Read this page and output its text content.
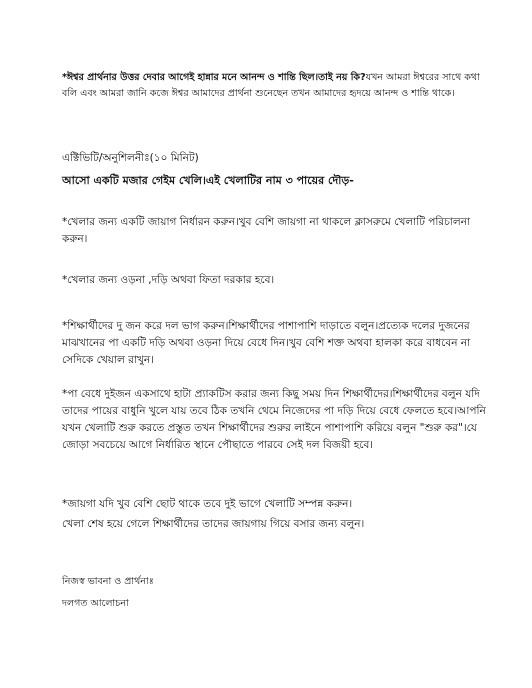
*ঈশ্বর প্রার্থনার উত্তর দেবার আগেই হান্নার মনে আনন্দ ও শান্তি ছিল।তাই নয় কি?যখন আমরা ঈশ্বরের সাথে কথা বলি এবং আমরা জানি কজে ঈশ্বর আমাদের প্রার্থনা শুনেছেন তখন আমাদের হৃদয়ে আনন্দ ও শান্তি থাকে।

এক্টিভিটি/অনুশিলনীঃ(১০ মিনিট)

আসো একটি মজার গেইম খেলি।এই খেলাটির নাম ৩ পায়ের দৌড়-

*খেলার জন্য একটি জায়াগ নির্ধারন করুন।খুব বেশি জায়গা না থাকলে ক্লাসরুমে খেলাটি পরিচালনা করুন।

*খেলার জন্য ওড়না ,দড়ি অথবা ফিতা দরকার হবে।

*শিক্ষার্থীদের দু জন করে দল ভাগ করুন।শিক্ষার্থীদের পাশাপাশি দাড়াতে বলুন।প্রত্যেক দলের দুজনের মাঝখানের পা একটি দড়ি অথবা ওড়না দিয়ে বেধে দিন।খুব বেশি শক্ত অথবা হালকা করে বাধবেন না সেদিকে খেয়াল রাখুন।

*পা বেধে দুইজন একসাথে হাটা প্র্যাকটিস করার জন্য কিছু সময় দিন শিক্ষার্থীদের।শিক্ষার্থীদের বলুন যদি তাদের পায়ের বাধুনি খুলে যায় তবে ঠিক তখনি থেমে নিজেদের পা দড়ি দিয়ে বেধে ফেলতে হবে।আপনি যখন খেলাটি শুরু করতে প্রস্তুত তখন শিক্ষার্থীদের শুরুর লাইনে পাশাপাশি করিয়ে বলুন "শুরু কর"।যে জোড়া সবচেয়ে আগে নির্ধারিত স্থানে পৌছাতে পারবে সেই দল বিজয়ী হবে।

*জায়গা যদি খুব বেশি ছোট থাকে তবে দুই ভাগে খেলাটি সম্পন্ন করুন।

খেলা শেষ হয়ে গেলে শিক্ষার্থীদের তাদের জায়গায় গিয়ে বসার জন্য বলুন।

নিজস্ব ভাবনা ও প্রার্থনাঃ

দলগত আলোচনা
